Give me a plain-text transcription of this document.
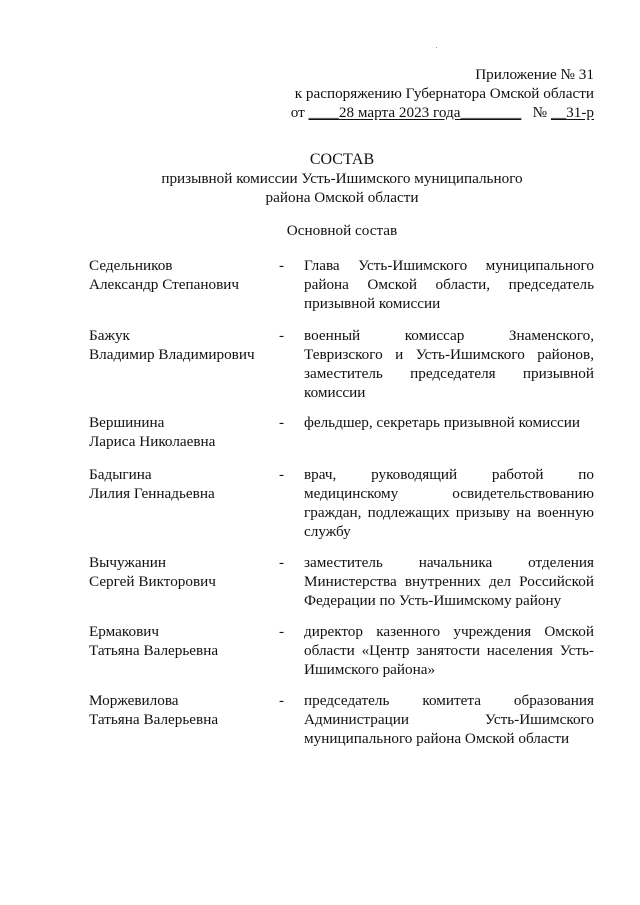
Приложение № 31
к распоряжению Губернатора Омской области
от ____28 марта 2023 года________ № __31-р
СОСТАВ
призывной комиссии Усть-Ишимского муниципального
района Омской области
Основной состав
Седельников
Александр Степанович
-	Глава Усть-Ишимского муниципального района Омской области, председатель призывной комиссии
Бажук
Владимир Владимирович
-	военный комиссар Знаменского, Тевризского и Усть-Ишимского районов, заместитель председателя призывной комиссии
Вершинина
Лариса Николаевна
-	фельдшер, секретарь призывной комиссии
Бадыгина
Лилия Геннадьевна
-	врач, руководящий работой по медицинскому освидетельствованию граждан, подлежащих призыву на военную службу
Вычужанин
Сергей Викторович
-	заместитель начальника отделения Министерства внутренних дел Российской Федерации по Усть-Ишимскому району
Ермакович
Татьяна Валерьевна
-	директор казенного учреждения Омской области «Центр занятости населения Усть-Ишимского района»
Моржевилова
Татьяна Валерьевна
-	председатель комитета образования Администрации Усть-Ишимского муниципального района Омской области
